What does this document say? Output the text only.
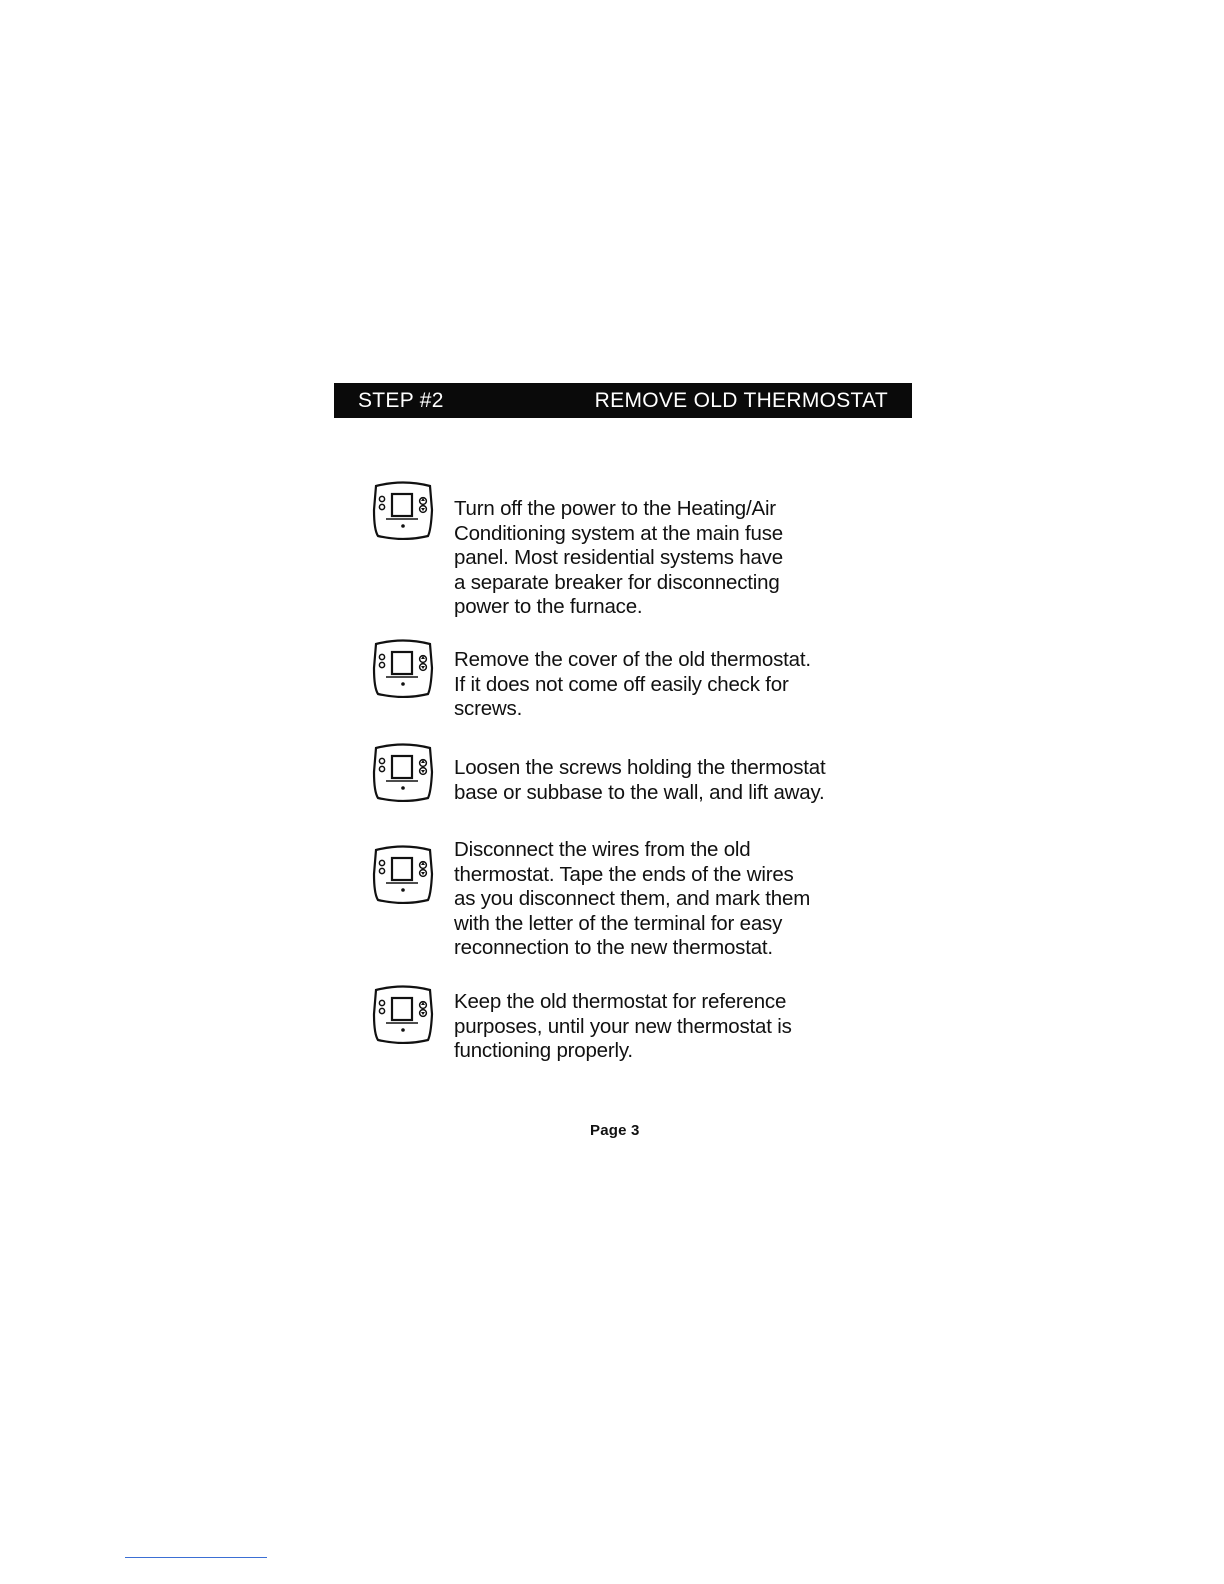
STEP #2	REMOVE OLD THERMOSTAT
Turn off the power to the Heating/Air
Conditioning system at the main fuse
panel. Most residential systems have
a separate breaker for disconnecting
power to the furnace.
Remove the cover of the old thermostat.
If it does not come off easily check for
screws.
Loosen the screws holding the thermostat
base or subbase to the wall, and lift away.
Disconnect the wires from the old
thermostat. Tape the ends of the wires
as you disconnect them, and mark them
with the letter of the terminal for easy
reconnection to the new thermostat.
Keep the old thermostat for reference
purposes, until your new thermostat is
functioning properly.
Page 3
